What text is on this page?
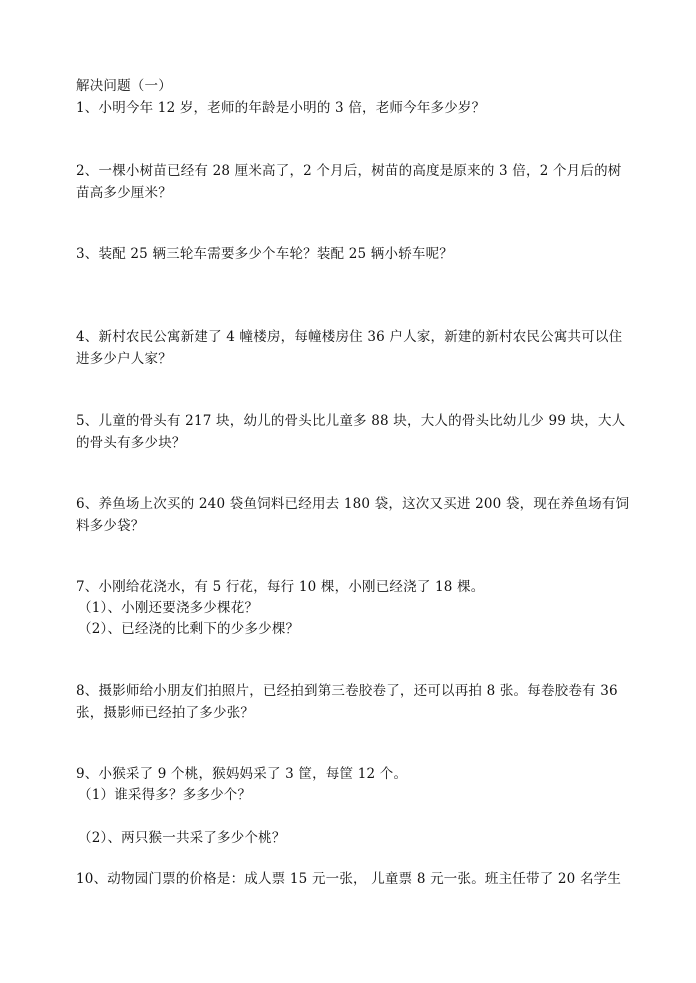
解决问题（一）
1、小明今年 12 岁，老师的年龄是小明的 3 倍，老师今年多少岁？
2、一棵小树苗已经有 28 厘米高了，2 个月后，树苗的高度是原来的 3 倍，2 个月后的树
苗高多少厘米？
3、装配 25 辆三轮车需要多少个车轮？装配 25 辆小轿车呢？
4、新村农民公寓新建了 4 幢楼房，每幢楼房住 36 户人家，新建的新村农民公寓共可以住
进多少户人家？
5、儿童的骨头有 217 块，幼儿的骨头比儿童多 88 块，大人的骨头比幼儿少 99 块，大人
的骨头有多少块？
6、养鱼场上次买的 240 袋鱼饲料已经用去 180 袋，这次又买进 200 袋，现在养鱼场有饲
料多少袋？
7、小刚给花浇水，有 5 行花，每行 10 棵，小刚已经浇了 18 棵。
（1）、小刚还要浇多少棵花？
（2）、已经浇的比剩下的少多少棵？
8、摄影师给小朋友们拍照片，已经拍到第三卷胶卷了，还可以再拍 8 张。每卷胶卷有 36
张，摄影师已经拍了多少张？
9、小猴采了 9 个桃，猴妈妈采了 3 筐，每筐 12 个。
（1）谁采得多？多多少个？
（2）、两只猴一共采了多少个桃？
10、动物园门票的价格是：成人票 15 元一张， 儿童票 8 元一张。班主任带了 20 名学生
